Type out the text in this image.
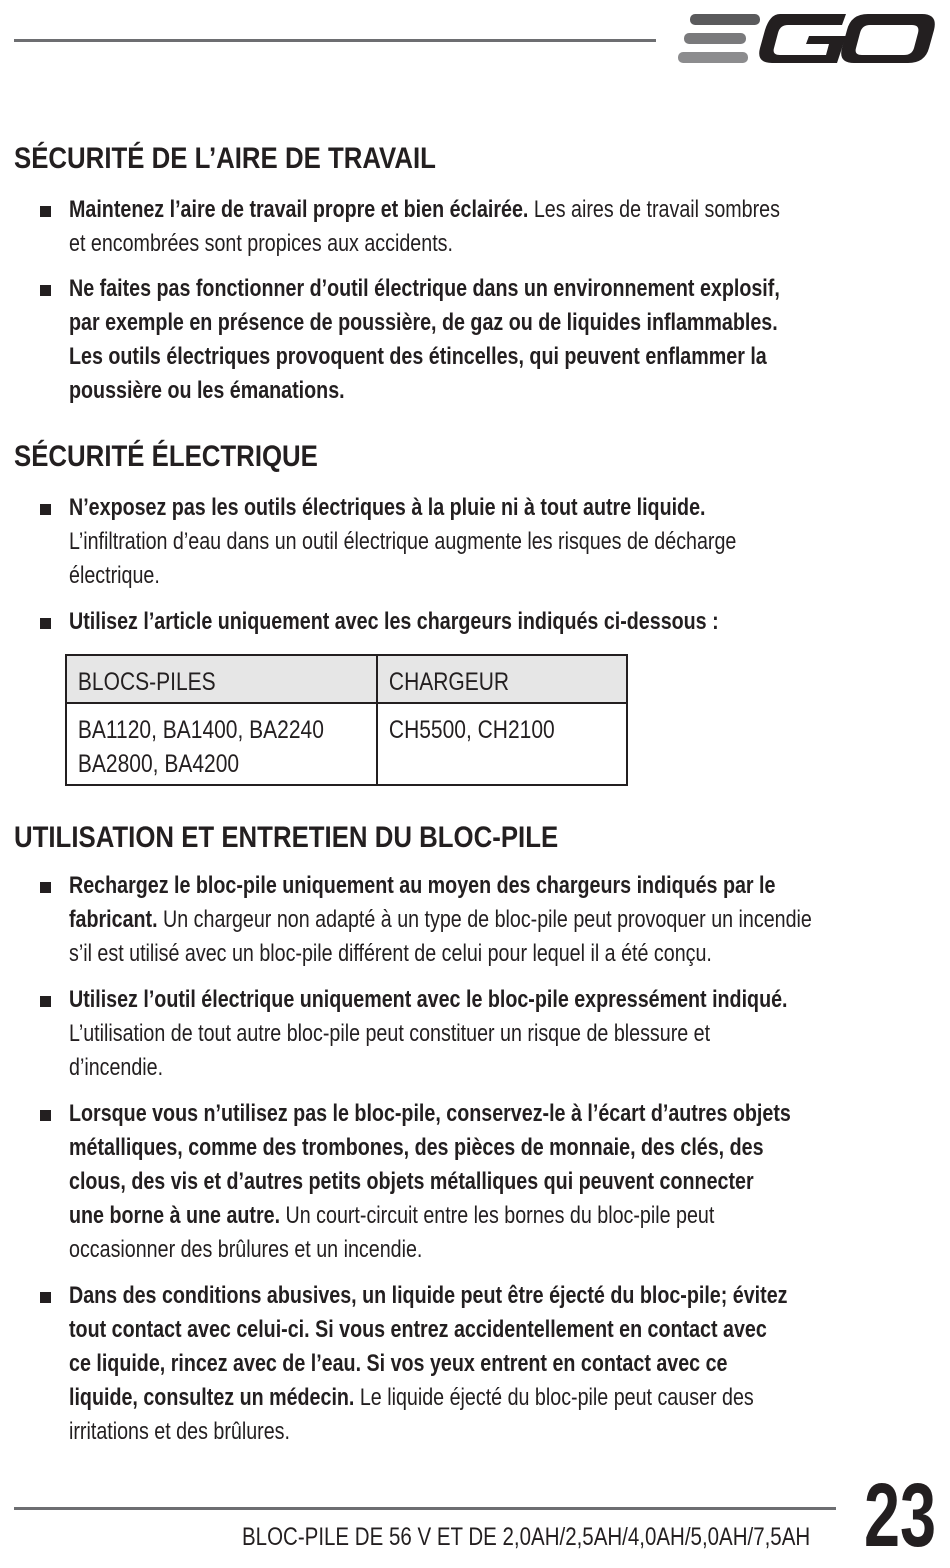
SÉCURITÉ DE L’AIRE DE TRAVAIL
Maintenez l’aire de travail propre et bien éclairée. Les aires de travail sombres
et encombrées sont propices aux accidents.
Ne faites pas fonctionner d’outil électrique dans un environnement explosif,
par exemple en présence de poussière, de gaz ou de liquides inflammables.
Les outils électriques provoquent des étincelles, qui peuvent enflammer la
poussière ou les émanations.
SÉCURITÉ ÉLECTRIQUE
N’exposez pas les outils électriques à la pluie ni à tout autre liquide.
L’infiltration d’eau dans un outil électrique augmente les risques de décharge
électrique.
Utilisez l’article uniquement avec les chargeurs indiqués ci-dessous :
BLOCS-PILES	CHARGEUR

BA1120, BA1400, BA2240
BA2800, BA4200	CH5500, CH2100
UTILISATION ET ENTRETIEN DU BLOC-PILE
Rechargez le bloc-pile uniquement au moyen des chargeurs indiqués par le
fabricant. Un chargeur non adapté à un type de bloc-pile peut provoquer un incendie
s’il est utilisé avec un bloc-pile différent de celui pour lequel il a été conçu.
Utilisez l’outil électrique uniquement avec le bloc-pile expressément indiqué.
L’utilisation de tout autre bloc-pile peut constituer un risque de blessure et
d’incendie.
Lorsque vous n’utilisez pas le bloc-pile, conservez-le à l’écart d’autres objets
métalliques, comme des trombones, des pièces de monnaie, des clés, des
clous, des vis et d’autres petits objets métalliques qui peuvent connecter
une borne à une autre. Un court-circuit entre les bornes du bloc-pile peut
occasionner des brûlures et un incendie.
Dans des conditions abusives, un liquide peut être éjecté du bloc-pile; évitez
tout contact avec celui-ci. Si vous entrez accidentellement en contact avec
ce liquide, rincez avec de l’eau. Si vos yeux entrent en contact avec ce
liquide, consultez un médecin. Le liquide éjecté du bloc-pile peut causer des
irritations et des brûlures.
BLOC-PILE DE 56 V ET DE 2,0AH/2,5AH/4,0AH/5,0AH/7,5AH 23
